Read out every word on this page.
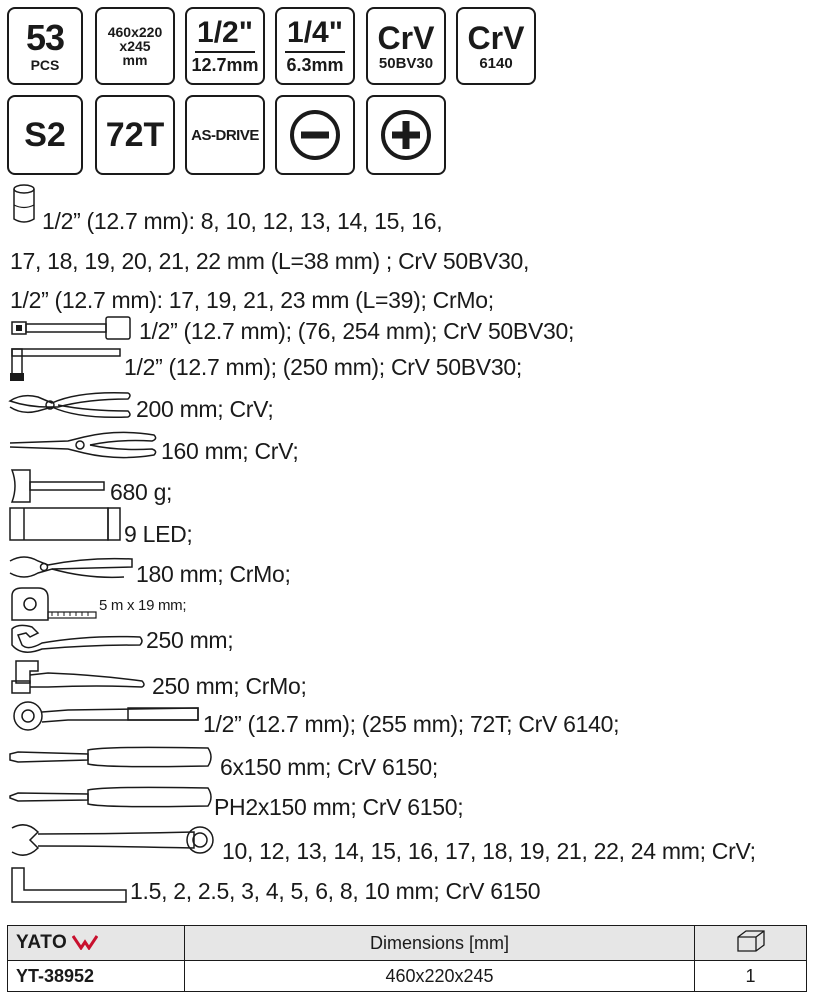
53
PCS
460x220
x245
mm
1/2"
12.7mm
1/4"
6.3mm
CrV
50BV30
CrV
6140
S2 72T AS-DRIVE
1/2” (12.7 mm): 8, 10, 12, 13, 14, 15, 16,
17, 18, 19, 20, 21, 22 mm (L=38 mm) ; CrV 50BV30,
1/2” (12.7 mm): 17, 19, 21, 23 mm (L=39); CrMo;
1/2” (12.7 mm); (76, 254 mm); CrV 50BV30;
1/2” (12.7 mm); (250 mm); CrV 50BV30;
200 mm; CrV;
160 mm; CrV;
680 g;
9 LED;
180 mm; CrMo;
5 m x 19 mm;
250 mm;
250 mm; CrMo;
1/2” (12.7 mm); (255 mm); 72T; CrV 6140;
6x150 mm; CrV 6150;
PH2x150 mm; CrV 6150;
10, 12, 13, 14, 15, 16, 17, 18, 19, 21, 22, 24 mm; CrV;
1.5, 2, 2.5, 3, 4, 5, 6, 8, 10 mm; CrV 6150
YATO	Dimensions [mm]	
YT-38952	460x220x245	1
